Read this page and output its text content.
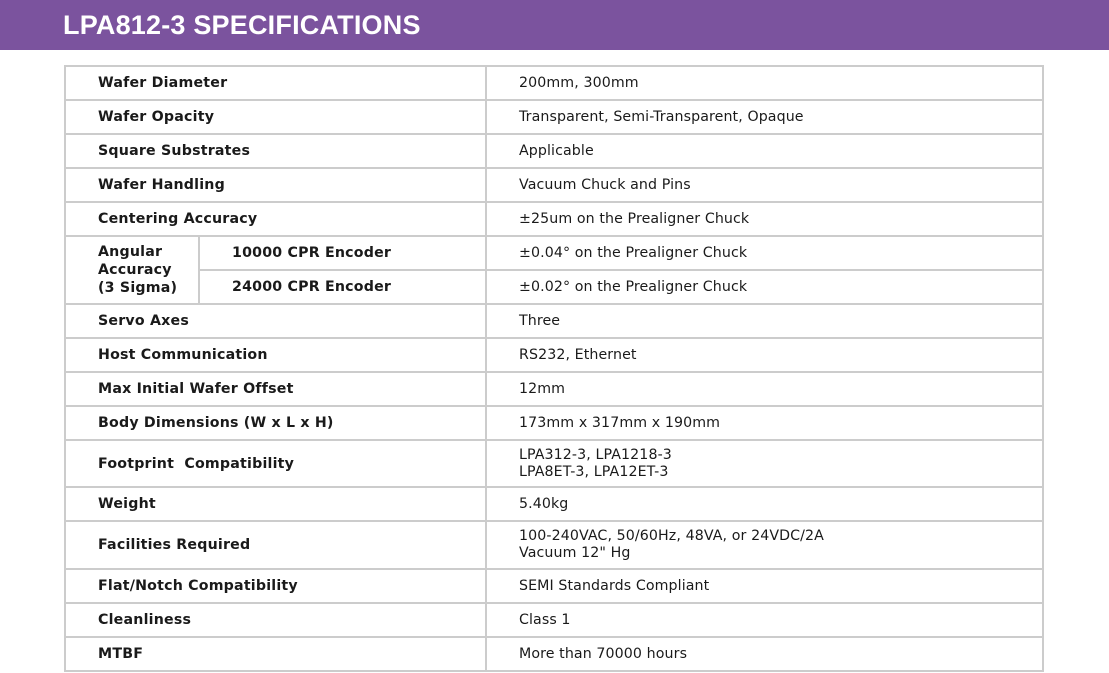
LPA812-3 SPECIFICATIONS
Wafer Diameter		200mm, 300mm
Wafer Opacity		Transparent, Semi-Transparent, Opaque
Square Substrates		Applicable
Wafer Handling		Vacuum Chuck and Pins
Centering Accuracy		±25um on the Prealigner Chuck

Angular
Accuracy
(3 Sigma)	10000 CPR Encoder	±0.04° on the Prealigner Chuck
	24000 CPR Encoder	±0.02° on the Prealigner Chuck
Servo Axes		Three
Host Communication		RS232, Ethernet
Max Initial Wafer Offset		12mm
Body Dimensions (W x L x H)		173mm x 317mm x 190mm
Footprint  Compatibility		LPA312-3, LPA1218-3
LPA8ET-3, LPA12ET-3

Weight		5.40kg
Facilities Required		100-240VAC, 50/60Hz, 48VA, or 24VDC/2A
Vacuum 12" Hg

Flat/Notch Compatibility		SEMI Standards Compliant
Cleanliness		Class 1
MTBF		More than 70000 hours
